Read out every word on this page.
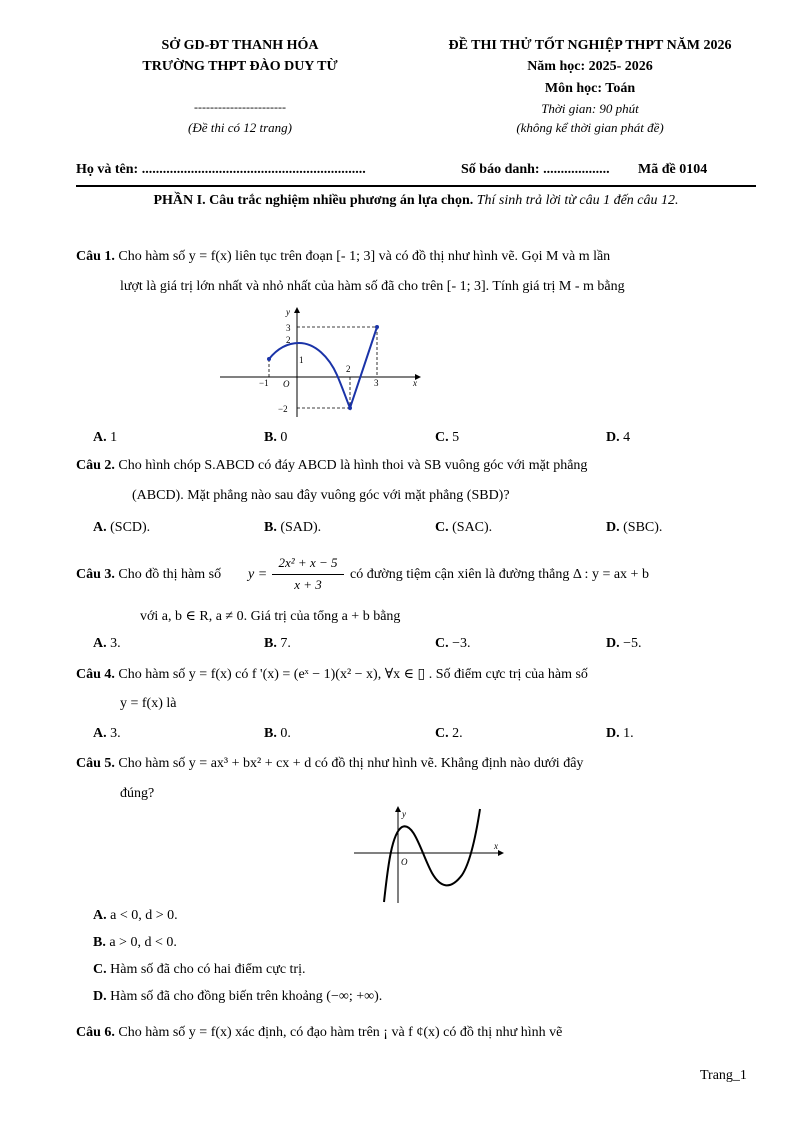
SỞ GD-ĐT THANH HÓA
TRƯỜNG THPT ĐÀO DUY TỪ
-----------------------
(Đề thi có 12 trang)
ĐỀ THI THỬ TỐT NGHIỆP THPT NĂM 2026
Năm học: 2025- 2026
Môn học: Toán
Thời gian: 90 phút
(không kể thời gian phát đề)
Họ và tên: ................................................................	Số báo danh: ................... Mã đề 0104
PHẦN I. Câu trắc nghiệm nhiều phương án lựa chọn. Thí sinh trả lời từ câu 1 đến câu 12.
Câu 1. Cho hàm số y = f(x) liên tục trên đoạn [- 1; 3] và có đồ thị như hình vẽ. Gọi M và m lần
lượt là giá trị lớn nhất và nhỏ nhất của hàm số đã cho trên [- 1; 3]. Tính giá trị M - m bằng
y
x
O
3
2
1
−2
−1
2
3
A. 1	B. 0	C. 5	D. 4
Câu 2. Cho hình chóp S.ABCD có đáy ABCD là hình thoi và SB vuông góc với mặt phẳng
(ABCD). Mặt phẳng nào sau đây vuông góc với mặt phẳng (SBD)?
A. (SCD).	B. (SAD).	C. (SAC).	D. (SBC).
Câu 3. Cho đồ thị hàm số y =
2x² + x − 5
x + 3
có đường tiệm cận xiên là đường thẳng Δ : y = ax + b
với a, b ∈ R, a ≠ 0. Giá trị của tổng a + b bằng
A. 3.	B. 7.	C. −3.	D. −5.
Câu 4. Cho hàm số y = f(x) có f '(x) = (eˣ − 1)(x² − x), ∀x ∈ ▯ . Số điểm cực trị của hàm số
y = f(x) là
A. 3.	B. 0.	C. 2.	D. 1.
Câu 5. Cho hàm số y = ax³ + bx² + cx + d có đồ thị như hình vẽ. Khẳng định nào dưới đây
đúng?
y
x
O
A. a < 0, d > 0.
B. a > 0, d < 0.
C. Hàm số đã cho có hai điểm cực trị.
D. Hàm số đã cho đồng biến trên khoảng (−∞; +∞).
Câu 6. Cho hàm số y = f(x) xác định, có đạo hàm trên ¡ và f ¢(x) có đồ thị như hình vẽ
Trang_1
